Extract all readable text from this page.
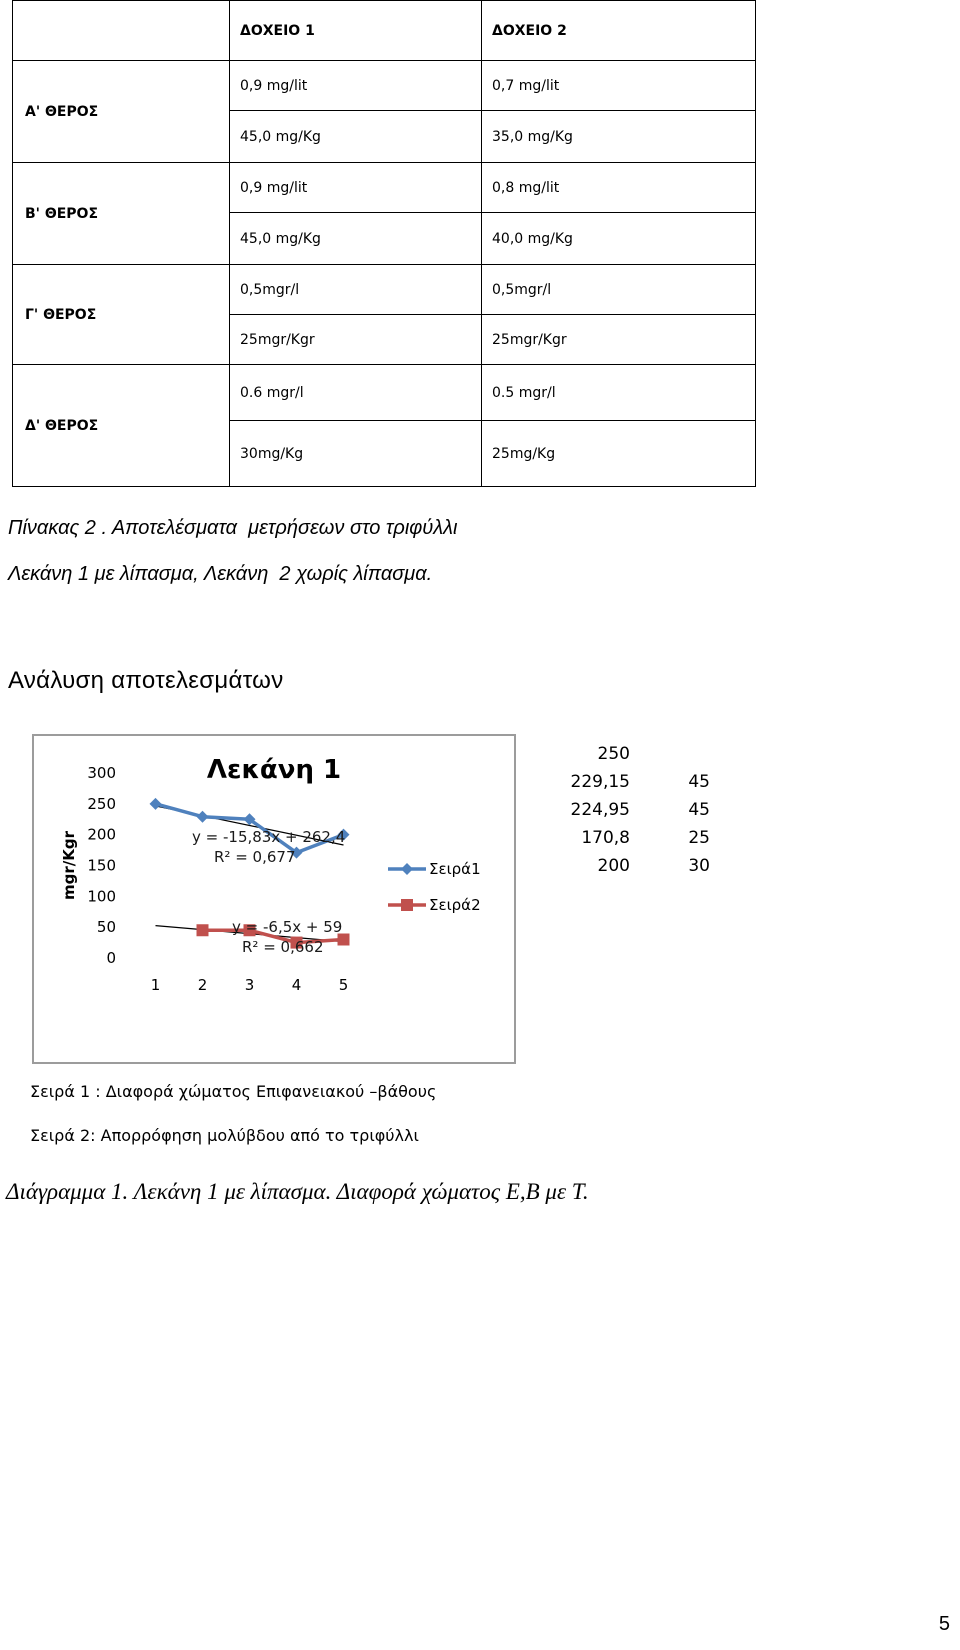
	ΔΟΧΕΙΟ 1	ΔΟΧΕΙΟ 2
Α' ΘΕΡΟΣ	0,9 mg/lit	0,7 mg/lit
	45,0 mg/Kg	35,0 mg/Kg
Β' ΘΕΡΟΣ	0,9 mg/lit	0,8 mg/lit
	45,0 mg/Kg	40,0 mg/Kg
Γ' ΘΕΡΟΣ	0,5mgr/l	0,5mgr/l
	25mgr/Kgr	25mgr/Kgr
Δ' ΘΕΡΟΣ	0.6 mgr/l	0.5 mgr/l
	30mg/Kg	25mg/Kg
Πίνακας 2 . Αποτελέσματα  μετρήσεων στο τριφύλλι
Λεκάνη 1 με λίπασμα, Λεκάνη  2 χωρίς λίπασμα.
Ανάλυση αποτελεσμάτων
Λεκάνη 1
mgr/Kgr
0
50
100
150
200
250
300
1 2 3 4 5
y = -15,83x + 262,4
R² = 0,677
y = -6,5x + 59
R² = 0,662
Σειρά1
Σειρά2
250
229,15	45
224,95	45
170,8	25
200	30
Σειρά 1 : Διαφορά χώματος Επιφανειακού –βάθους
Σειρά 2: Απορρόφηση μολύβδου από το τριφύλλι
Διάγραμμα 1. Λεκάνη 1 με λίπασμα. Διαφορά χώματος Ε,Β με Τ.
5
